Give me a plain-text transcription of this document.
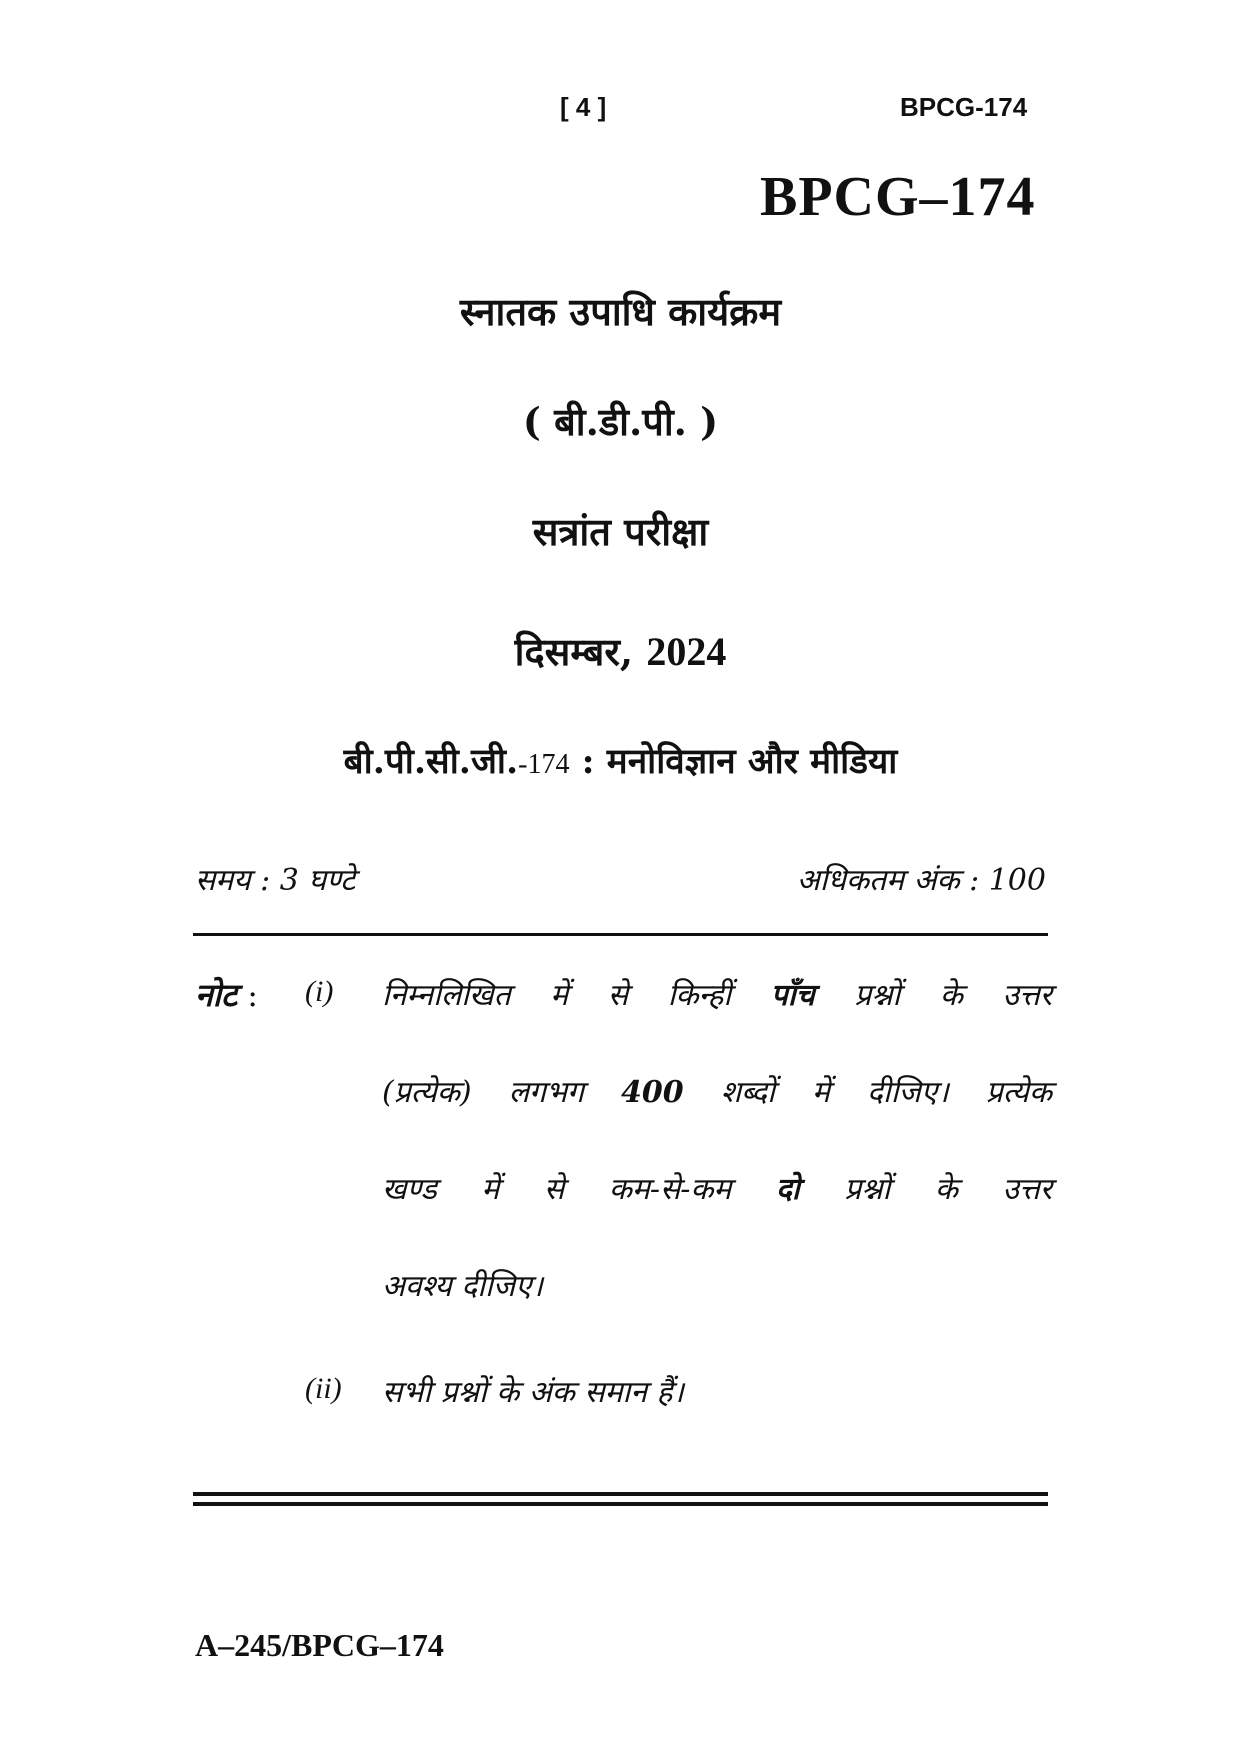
[ 4 ]	BPCG-174
BPCG–174
स्नातक उपाधि कार्यक्रम
( बी.डी.पी. )
सत्रांत परीक्षा
दिसम्बर, 2024
बी.पी.सी.जी.-174 : मनोविज्ञान और मीडिया
समय : 3 घण्टे	अधिकतम अंक : 100
नोट : (i) निम्नलिखित में से किन्हीं पाँच प्रश्नों के उत्तर
(प्रत्येक) लगभग 400 शब्दों में दीजिए। प्रत्येक
खण्ड में से कम-से-कम दो प्रश्नों के उत्तर
अवश्य दीजिए।
(ii) सभी प्रश्नों के अंक समान हैं।
A–245/BPCG–174
